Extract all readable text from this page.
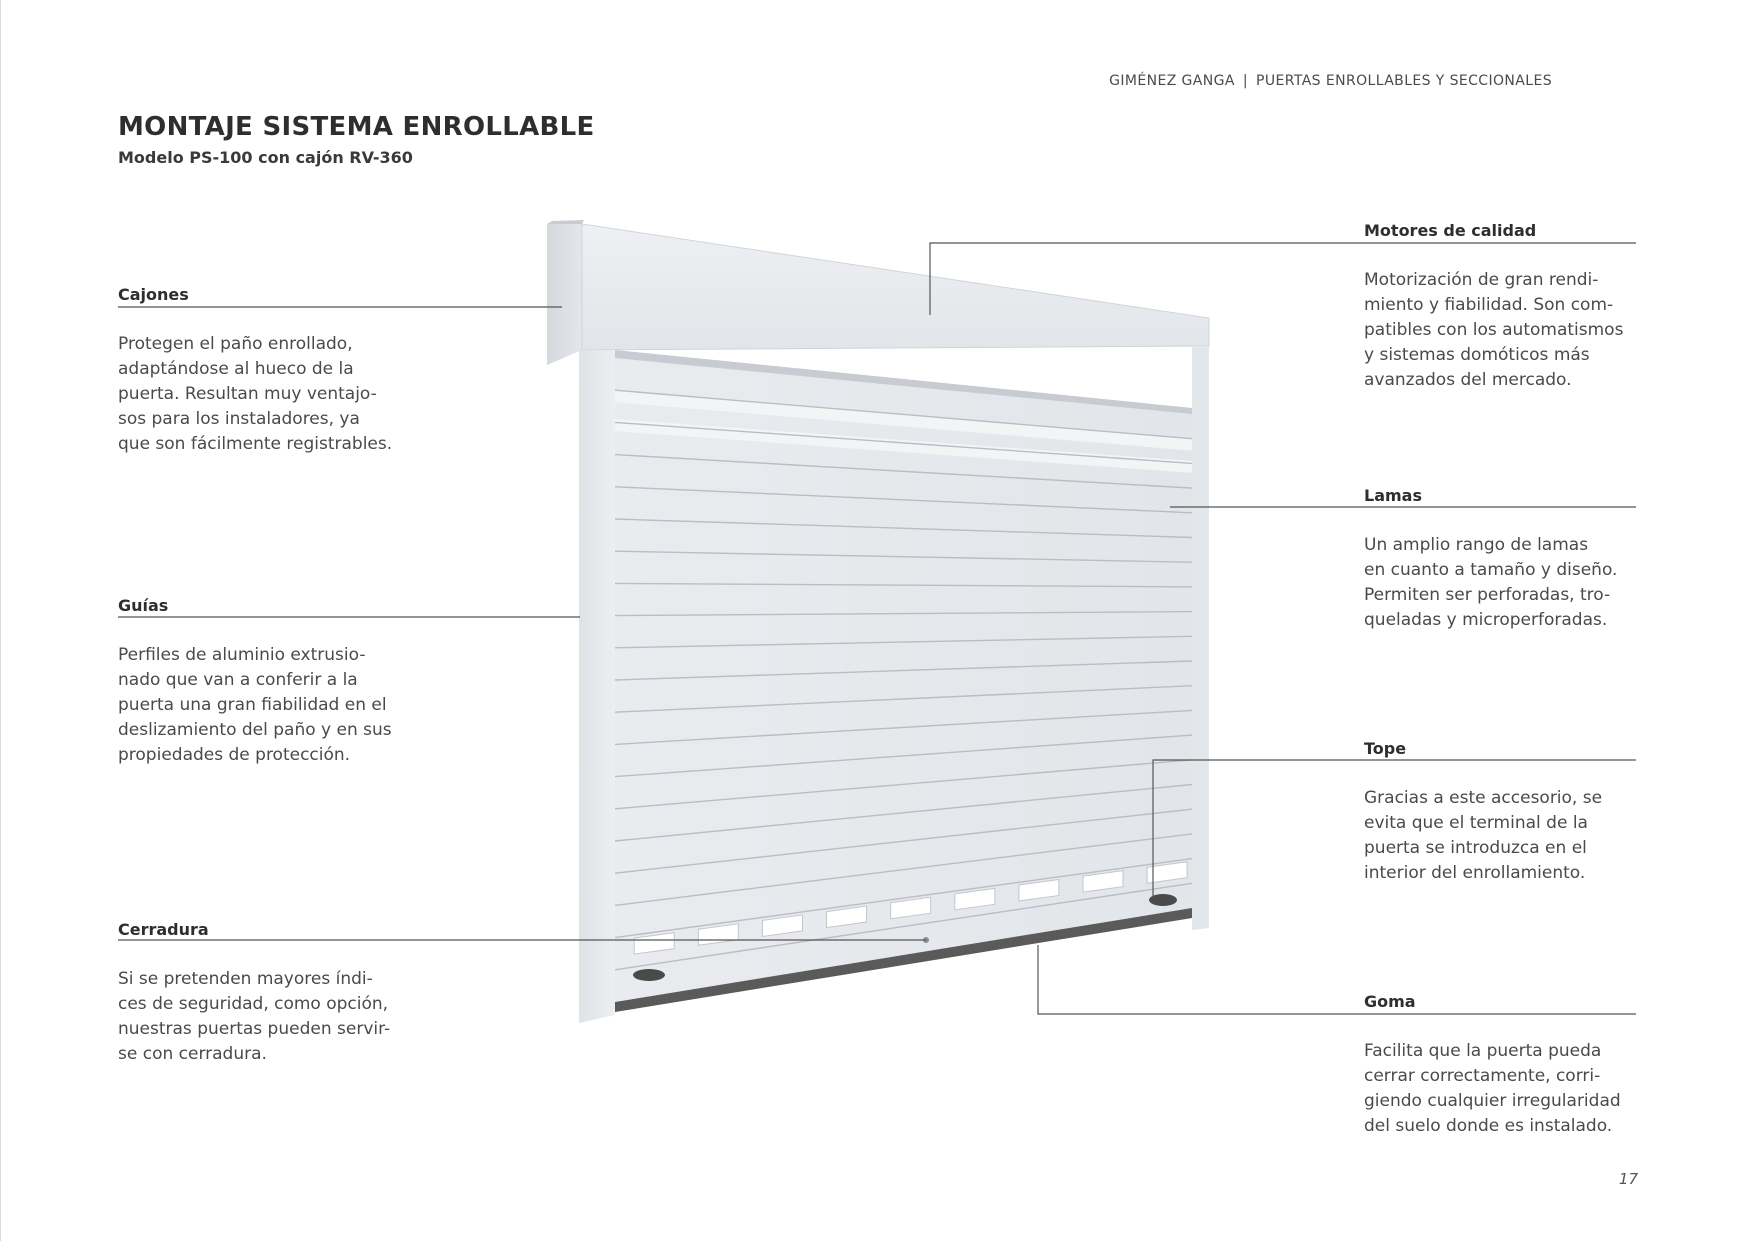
GIMÉNEZ GANGA | PUERTAS ENROLLABLES Y SECCIONALES
MONTAJE SISTEMA ENROLLABLE
Modelo PS-100 con cajón RV-360
Cajones

Protegen el paño enrollado,
adaptándose al hueco de la
puerta. Resultan muy ventajo-
sos para los instaladores, ya
que son fácilmente registrables.

Guías

Perfiles de aluminio extrusio-
nado que van a conferir a la
puerta una gran fiabilidad en el
deslizamiento del paño y en sus
propiedades de protección.

Cerradura

Si se pretenden mayores índi-
ces de seguridad, como opción,
nuestras puertas pueden servir-
se con cerradura.

Motores de calidad

Motorización de gran rendi-
miento y fiabilidad. Son com-
patibles con los automatismos
y sistemas domóticos más
avanzados del mercado.

Lamas

Un amplio rango de lamas
en cuanto a tamaño y diseño.
Permiten ser perforadas, tro-
queladas y microperforadas.

Tope

Gracias a este accesorio, se
evita que el terminal de la
puerta se introduzca en el
interior del enrollamiento.

Goma

Facilita que la puerta pueda
cerrar correctamente, corri-
giendo cualquier irregularidad
del suelo donde es instalado.

17
